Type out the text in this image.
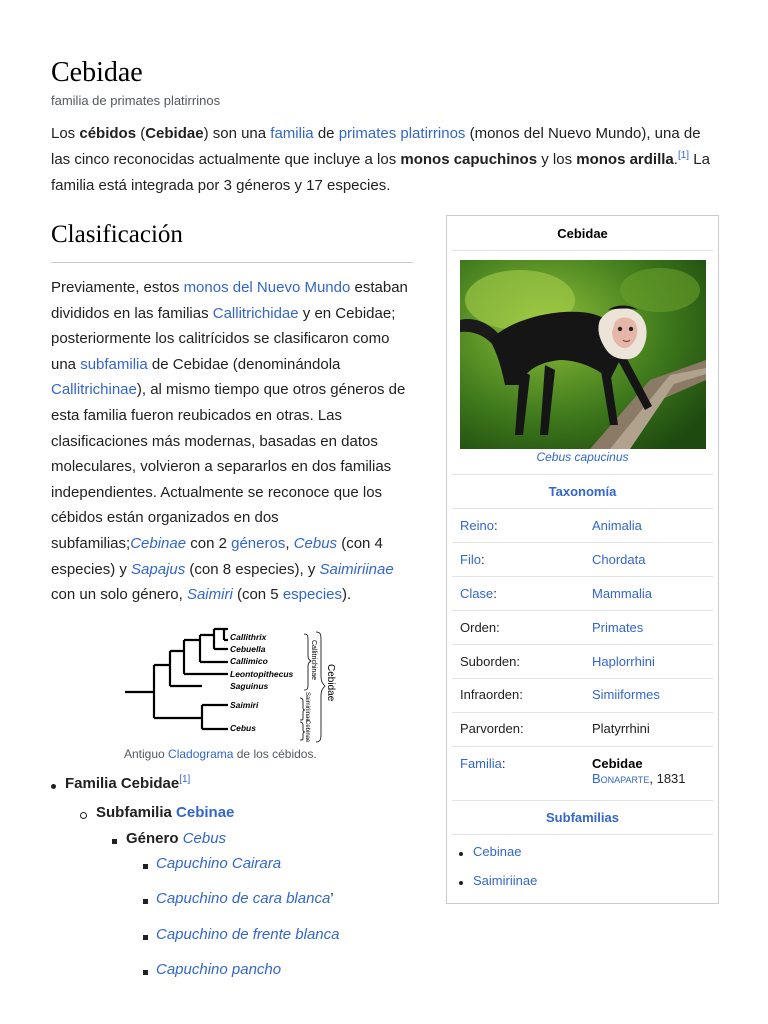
Cebidae
familia de primates platirrinos

Los cébidos (Cebidae) son una familia de primates platirrinos (monos del Nuevo Mundo), una de las cinco reconocidas actualmente que incluye a los monos capuchinos y los monos ardilla.[1] La familia está integrada por 3 géneros y 17 especies.

Clasificación

Previamente, estos monos del Nuevo Mundo estaban divididos en las familias Callitrichidae y en Cebidae; posteriormente los calitrícidos se clasificaron como una subfamilia de Cebidae (denominándola Callitrichinae), al mismo tiempo que otros géneros de esta familia fueron reubicados en otras. Las clasificaciones más modernas, basadas en datos moleculares, volvieron a separarlos en dos familias independientes. Actualmente se reconoce que los cébidos están organizados en dos subfamilias;Cebinae con 2 géneros, Cebus (con 4 especies) y Sapajus (con 8 especies), y Saimiriinae con un solo género, Saimiri (con 5 especies).

Callithrix
Cebuella
Callimico
Leontopithecus
Saguinus
Saimiri
Cebus
Callitrichinae
Saimiriinae
Cebinae
Cebidae
Antiguo Cladograma de los cébidos.
Familia Cebidae[1]
Subfamilia Cebinae
Género Cebus
Capuchino Cairara
Capuchino de cara blanca’
Capuchino de frente blanca
Capuchino pancho
Cebidae
Cebus capucinus
Taxonomía
Reino:	Animalia
Filo:	Chordata
Clase:	Mammalia
Orden:	Primates
Suborden:	Haplorrhini
Infraorden:	Simiiformes
Parvorden:	Platyrrhini
Familia:	Cebidae
Bonaparte, 1831
Subfamilias
Cebinae
Saimiriinae
